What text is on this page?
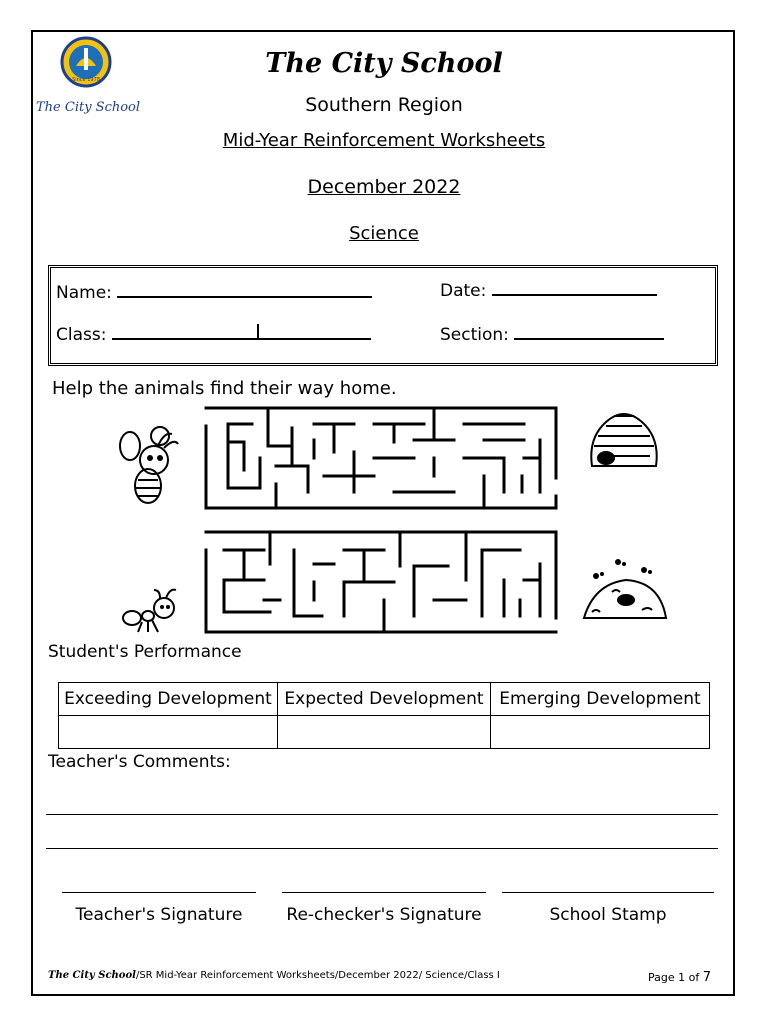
Since 1978
The City School
The City School
Southern Region
Mid-Year Reinforcement Worksheets
December 2022
Science
Name:	Date:
Class:	Section:
Help the animals find their way home.
Student's Performance
Exceeding Development	Expected Development	Emerging Development

Teacher's Comments:
Teacher's Signature	Re-checker's Signature	School Stamp
The City School/SR Mid-Year Reinforcement Worksheets/December 2022/ Science/Class I	Page 1 of 7
